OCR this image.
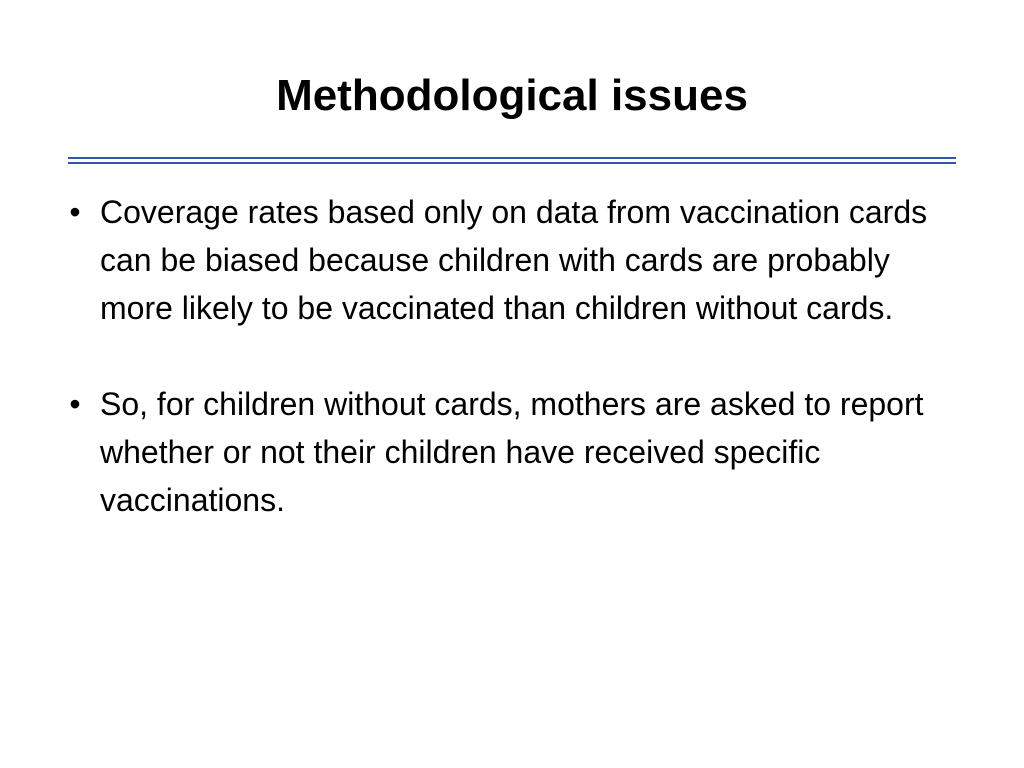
Methodological issues
• Coverage rates based only on data from vaccination cards can be biased because children with cards are probably more likely to be vaccinated than children without cards.
• So, for children without cards, mothers are asked to report whether or not their children have received specific vaccinations.
